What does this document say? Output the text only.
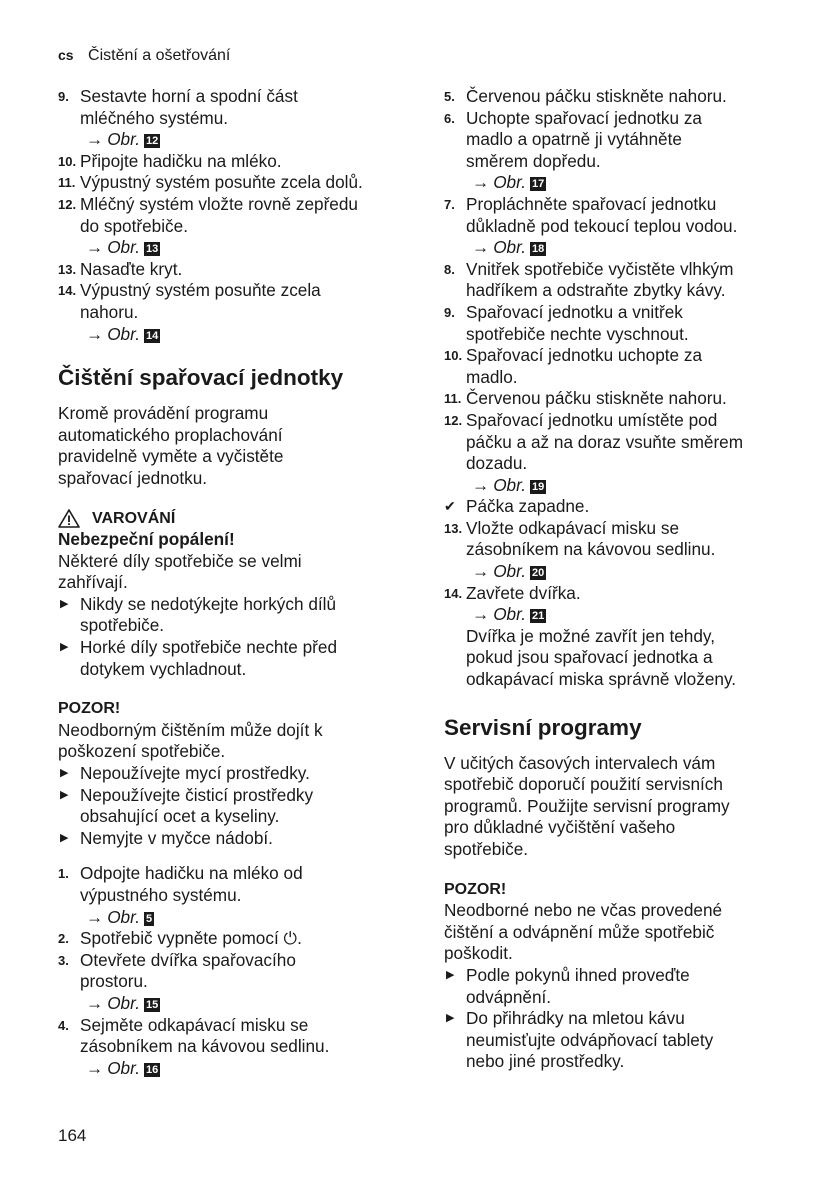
cs Čistění a ošetřování
9. Sestavte horní a spodní část
mléčného systému.
→ Obr. 12
10. Připojte hadičku na mléko.
11. Výpustný systém posuňte zcela dolů.
12. Mléčný systém vložte rovně zepředu
do spotřebiče.
→ Obr. 13
13. Nasaďte kryt.
14. Výpustný systém posuňte zcela
nahoru.
→ Obr. 14
Čištění spařovací jednotky

Kromě provádění programu

automatického proplachování

pravidelně vyměte a vyčistěte

spařovací jednotku.

VAROVÁNÍ
Nebezpeční popálení!

Některé díly spotřebiče se velmi

zahřívají.

▶ Nikdy se nedotýkejte horkých dílů
spotřebiče.
▶ Horké díly spotřebiče nechte před
dotykem vychladnout.
POZOR!

Neodborným čištěním může dojít k

poškození spotřebiče.

▶ Nepoužívejte mycí prostředky.
▶ Nepoužívejte čisticí prostředky
obsahující ocet a kyseliny.
▶ Nemyjte v myčce nádobí.
1. Odpojte hadičku na mléko od
výpustného systému.
→ Obr. 5
2. Spotřebič vypněte pomocí ⏻.
3. Otevřete dvířka spařovacího
prostoru.
→ Obr. 15
4. Sejměte odkapávací misku se
zásobníkem na kávovou sedlinu.
→ Obr. 16
5. Červenou páčku stiskněte nahoru.
6. Uchopte spařovací jednotku za
madlo a opatrně ji vytáhněte
směrem dopředu.
→ Obr. 17
7. Propláchněte spařovací jednotku
důkladně pod tekoucí teplou vodou.
→ Obr. 18
8. Vnitřek spotřebiče vyčistěte vlhkým
hadříkem a odstraňte zbytky kávy.
9. Spařovací jednotku a vnitřek
spotřebiče nechte vyschnout.
10. Spařovací jednotku uchopte za
madlo.
11. Červenou páčku stiskněte nahoru.
12. Spařovací jednotku umístěte pod
páčku a až na doraz vsuňte směrem
dozadu.
→ Obr. 19
✔ Páčka zapadne.
13. Vložte odkapávací misku se
zásobníkem na kávovou sedlinu.
→ Obr. 20
14. Zavřete dvířka.
→ Obr. 21
Dvířka je možné zavřít jen tehdy,
pokud jsou spařovací jednotka a
odkapávací miska správně vloženy.
Servisní programy

V učitých časových intervalech vám

spotřebič doporučí použití servisních

programů. Použijte servisní programy

pro důkladné vyčištění vašeho

spotřebiče.

POZOR!

Neodborné nebo ne včas provedené

čištění a odvápnění může spotřebič

poškodit.

▶ Podle pokynů ihned proveďte
odvápnění.
▶ Do přihrádky na mletou kávu
neumisťujte odvápňovací tablety
nebo jiné prostředky.
164
